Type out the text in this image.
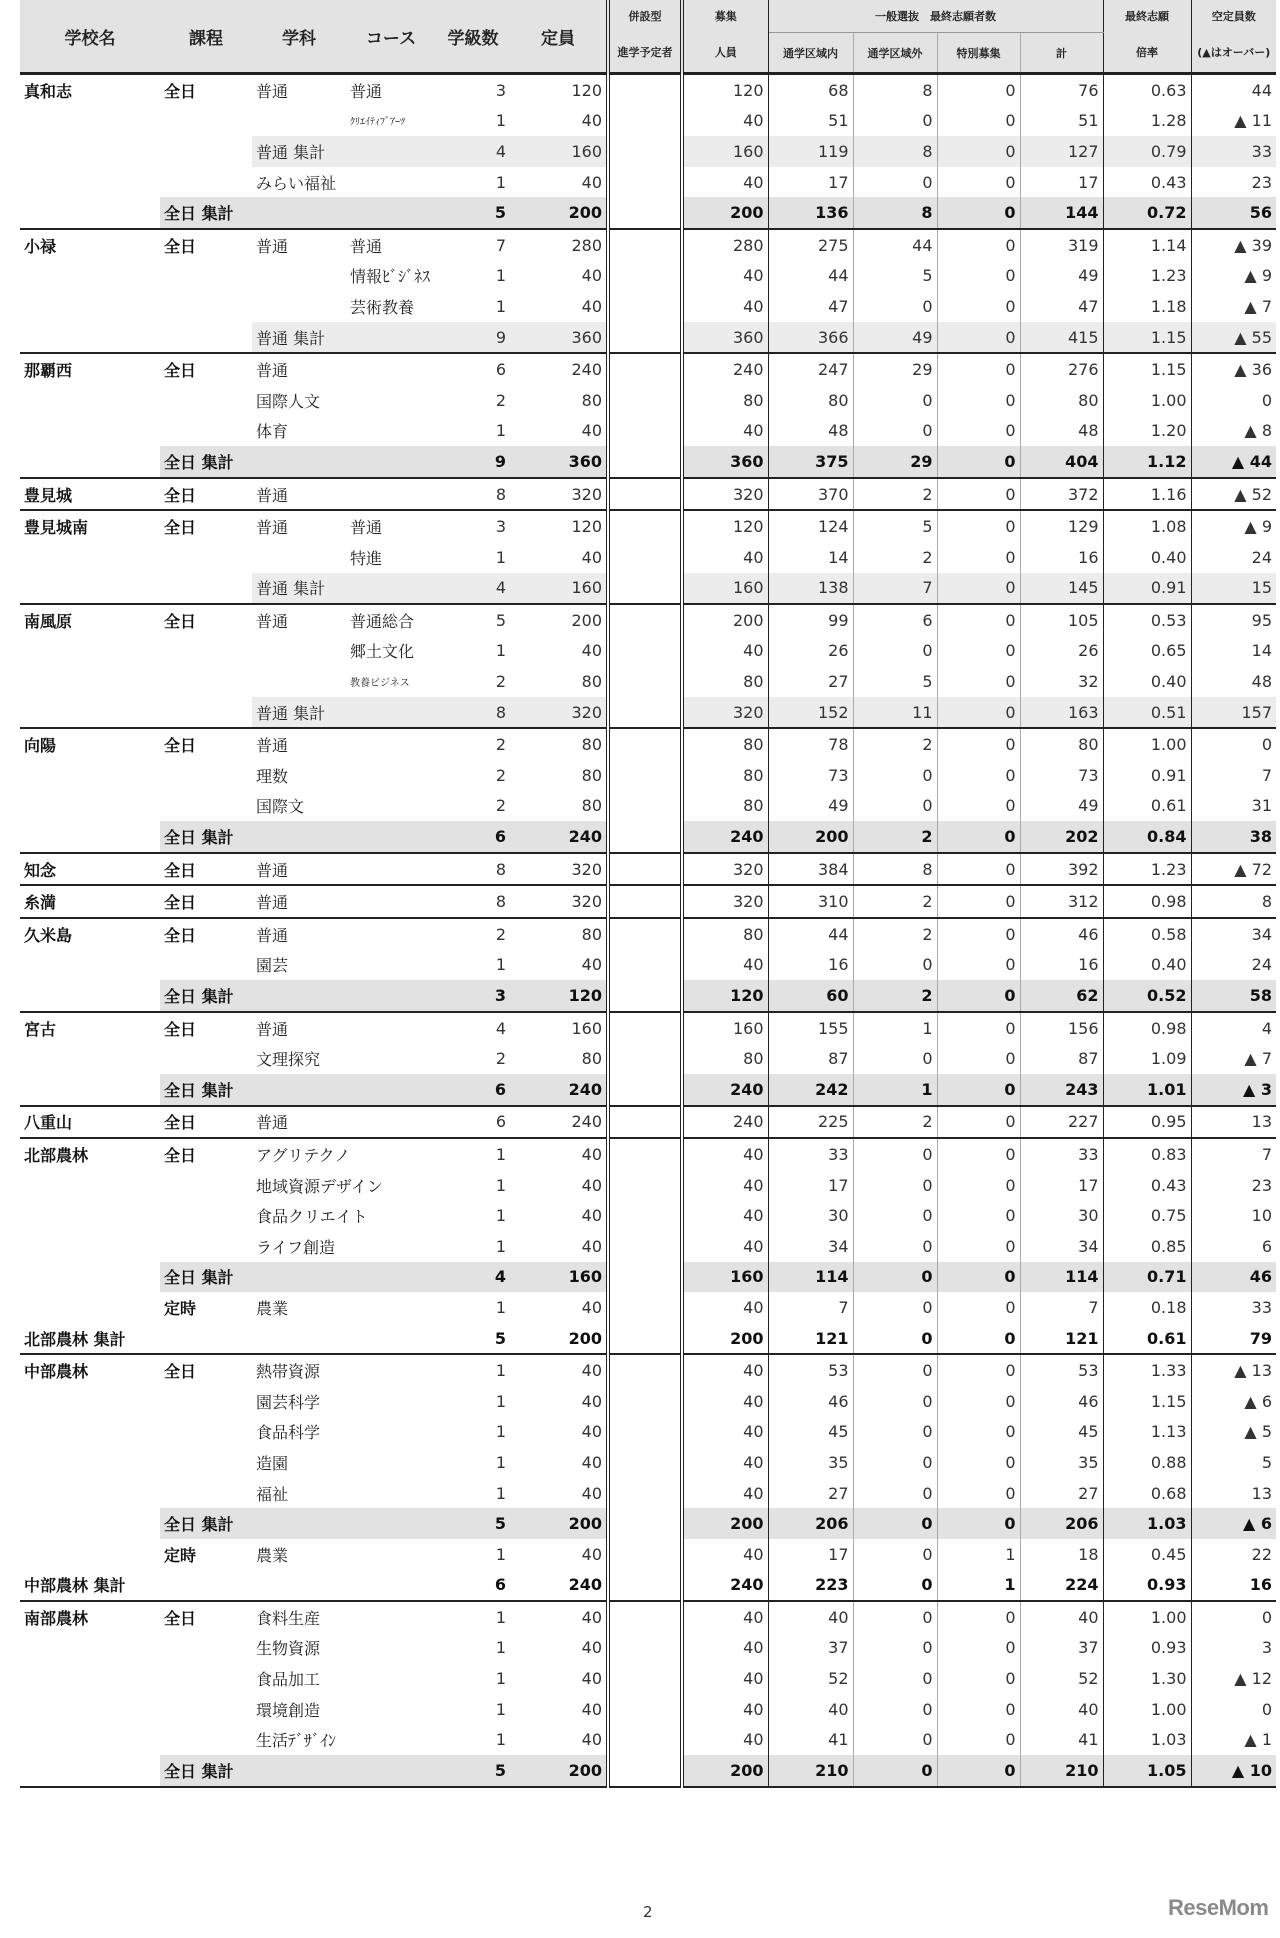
学校名	課程	学科	コース	学級数	定員	併設型	募集	一般選抜　最終志願者数				最終志願	空定員数
						進学予定者	人員	通学区域内	通学区域外	特別募集	計	倍率	(▲はオーバー)
真和志	全日	普通	普通	3	120		120	68	8	0	76	0.63	44
			ｸﾘｴｲﾃｨﾌﾞｱｰﾂ	1	40		40	51	0	0	51	1.28	▲ 11
		普通 集計		4	160		160	119	8	0	127	0.79	33
		みらい福祉		1	40		40	17	0	0	17	0.43	23
	全日 集計			5	200		200	136	8	0	144	0.72	56
小禄	全日	普通	普通	7	280		280	275	44	0	319	1.14	▲ 39
			情報ﾋﾞｼﾞﾈｽ	1	40		40	44	5	0	49	1.23	▲ 9
			芸術教養	1	40		40	47	0	0	47	1.18	▲ 7
		普通 集計		9	360		360	366	49	0	415	1.15	▲ 55
那覇西	全日	普通		6	240		240	247	29	0	276	1.15	▲ 36
		国際人文		2	80		80	80	0	0	80	1.00	0
		体育		1	40		40	48	0	0	48	1.20	▲ 8
	全日 集計			9	360		360	375	29	0	404	1.12	▲ 44
豊見城	全日	普通		8	320		320	370	2	0	372	1.16	▲ 52
豊見城南	全日	普通	普通	3	120		120	124	5	0	129	1.08	▲ 9
			特進	1	40		40	14	2	0	16	0.40	24
		普通 集計		4	160		160	138	7	0	145	0.91	15
南風原	全日	普通	普通総合	5	200		200	99	6	0	105	0.53	95
			郷土文化	1	40		40	26	0	0	26	0.65	14
			教養ビジネス	2	80		80	27	5	0	32	0.40	48
		普通 集計		8	320		320	152	11	0	163	0.51	157
向陽	全日	普通		2	80		80	78	2	0	80	1.00	0
		理数		2	80		80	73	0	0	73	0.91	7
		国際文		2	80		80	49	0	0	49	0.61	31
	全日 集計			6	240		240	200	2	0	202	0.84	38
知念	全日	普通		8	320		320	384	8	0	392	1.23	▲ 72
糸満	全日	普通		8	320		320	310	2	0	312	0.98	8
久米島	全日	普通		2	80		80	44	2	0	46	0.58	34
		園芸		1	40		40	16	0	0	16	0.40	24
	全日 集計			3	120		120	60	2	0	62	0.52	58
宮古	全日	普通		4	160		160	155	1	0	156	0.98	4
		文理探究		2	80		80	87	0	0	87	1.09	▲ 7
	全日 集計			6	240		240	242	1	0	243	1.01	▲ 3
八重山	全日	普通		6	240		240	225	2	0	227	0.95	13
北部農林	全日	アグリテクノ		1	40		40	33	0	0	33	0.83	7
		地域資源デザイン		1	40		40	17	0	0	17	0.43	23
		食品クリエイト		1	40		40	30	0	0	30	0.75	10
		ライフ創造		1	40		40	34	0	0	34	0.85	6
	全日 集計			4	160		160	114	0	0	114	0.71	46
	定時	農業		1	40		40	7	0	0	7	0.18	33
北部農林 集計				5	200		200	121	0	0	121	0.61	79
中部農林	全日	熱帯資源		1	40		40	53	0	0	53	1.33	▲ 13
		園芸科学		1	40		40	46	0	0	46	1.15	▲ 6
		食品科学		1	40		40	45	0	0	45	1.13	▲ 5
		造園		1	40		40	35	0	0	35	0.88	5
		福祉		1	40		40	27	0	0	27	0.68	13
	全日 集計			5	200		200	206	0	0	206	1.03	▲ 6
	定時	農業		1	40		40	17	0	1	18	0.45	22
中部農林 集計				6	240		240	223	0	1	224	0.93	16
南部農林	全日	食料生産		1	40		40	40	0	0	40	1.00	0
		生物資源		1	40		40	37	0	0	37	0.93	3
		食品加工		1	40		40	52	0	0	52	1.30	▲ 12
		環境創造		1	40		40	40	0	0	40	1.00	0
		生活ﾃﾞｻﾞｲﾝ		1	40		40	41	0	0	41	1.03	▲ 1
	全日 集計			5	200		200	210	0	0	210	1.05	▲ 10
2	ReseMom
